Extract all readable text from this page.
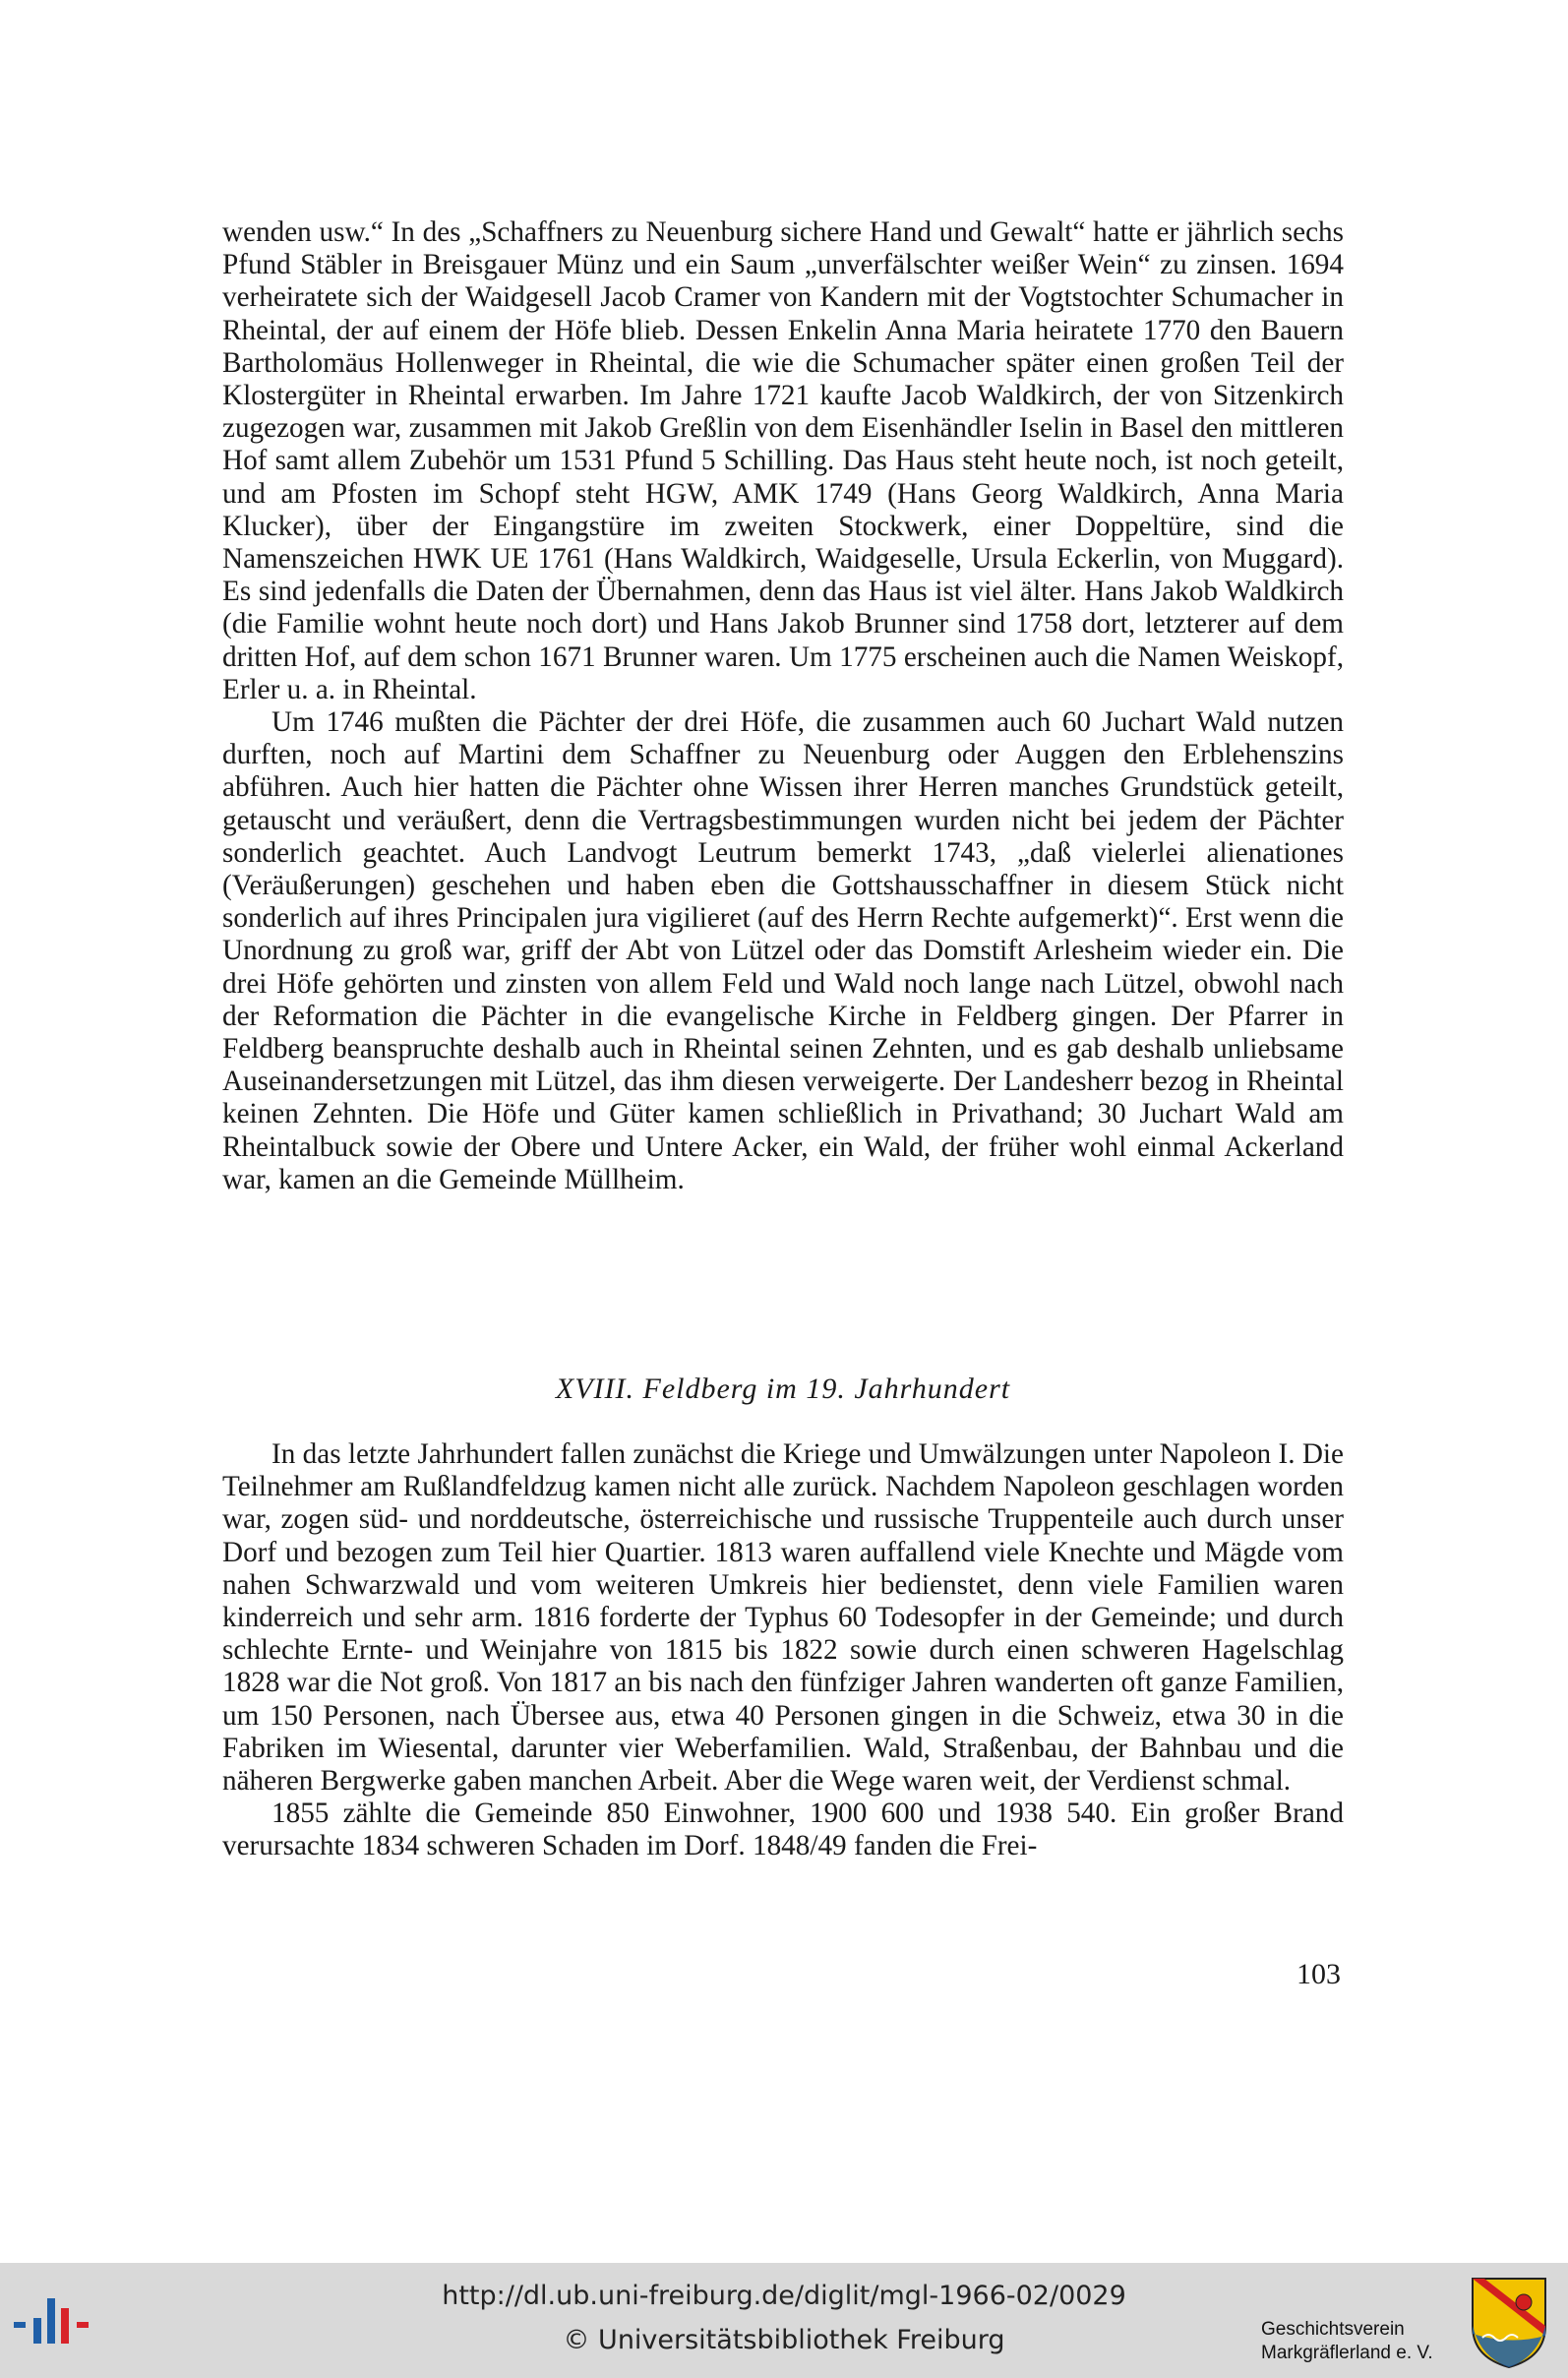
wenden usw.“ In des „Schaffners zu Neuenburg sichere Hand und Gewalt“ hatte er jährlich sechs Pfund Stäbler in Breisgauer Münz und ein Saum „unverfälschter weißer Wein“ zu zinsen. 1694 verheiratete sich der Waidgesell Jacob Cramer von Kandern mit der Vogtstochter Schumacher in Rheintal, der auf einem der Höfe blieb. Dessen Enkelin Anna Maria heiratete 1770 den Bauern Bartholomäus Hollenweger in Rheintal, die wie die Schumacher später einen großen Teil der Klostergüter in Rheintal erwarben. Im Jahre 1721 kaufte Jacob Waldkirch, der von Sitzenkirch zugezogen war, zusammen mit Jakob Greßlin von dem Eisenhändler Iselin in Basel den mittleren Hof samt allem Zubehör um 1531 Pfund 5 Schilling. Das Haus steht heute noch, ist noch geteilt, und am Pfosten im Schopf steht HGW, AMK 1749 (Hans Georg Waldkirch, Anna Maria Klucker), über der Eingangstüre im zweiten Stockwerk, einer Doppeltüre, sind die Namenszeichen HWK UE 1761 (Hans Waldkirch, Waidgeselle, Ursula Eckerlin, von Muggard). Es sind jedenfalls die Daten der Übernahmen, denn das Haus ist viel älter. Hans Jakob Waldkirch (die Familie wohnt heute noch dort) und Hans Jakob Brunner sind 1758 dort, letzterer auf dem dritten Hof, auf dem schon 1671 Brunner waren. Um 1775 erscheinen auch die Namen Weiskopf, Erler u. a. in Rheintal.

Um 1746 mußten die Pächter der drei Höfe, die zusammen auch 60 Juchart Wald nutzen durften, noch auf Martini dem Schaffner zu Neuenburg oder Auggen den Erblehenszins abführen. Auch hier hatten die Pächter ohne Wissen ihrer Herren manches Grundstück geteilt, getauscht und veräußert, denn die Vertragsbestimmungen wurden nicht bei jedem der Pächter sonderlich geachtet. Auch Landvogt Leutrum bemerkt 1743, „daß vielerlei alienationes (Veräußerungen) geschehen und haben eben die Gottshausschaffner in diesem Stück nicht sonderlich auf ihres Principalen jura vigilieret (auf des Herrn Rechte aufgemerkt)“. Erst wenn die Unordnung zu groß war, griff der Abt von Lützel oder das Domstift Arlesheim wieder ein. Die drei Höfe gehörten und zinsten von allem Feld und Wald noch lange nach Lützel, obwohl nach der Reformation die Pächter in die evangelische Kirche in Feldberg gingen. Der Pfarrer in Feldberg beanspruchte deshalb auch in Rheintal seinen Zehnten, und es gab deshalb unliebsame Auseinandersetzungen mit Lützel, das ihm diesen verweigerte. Der Landesherr bezog in Rheintal keinen Zehnten. Die Höfe und Güter kamen schließlich in Privathand; 30 Juchart Wald am Rheintalbuck sowie der Obere und Untere Acker, ein Wald, der früher wohl einmal Ackerland war, kamen an die Gemeinde Müllheim.

XVIII. Feldberg im 19. Jahrhundert

In das letzte Jahrhundert fallen zunächst die Kriege und Umwälzungen unter Napoleon I. Die Teilnehmer am Rußlandfeldzug kamen nicht alle zurück. Nachdem Napoleon geschlagen worden war, zogen süd- und norddeutsche, österreichische und russische Truppenteile auch durch unser Dorf und bezogen zum Teil hier Quartier. 1813 waren auffallend viele Knechte und Mägde vom nahen Schwarzwald und vom weiteren Umkreis hier bedienstet, denn viele Familien waren kinderreich und sehr arm. 1816 forderte der Typhus 60 Todesopfer in der Gemeinde; und durch schlechte Ernte- und Weinjahre von 1815 bis 1822 sowie durch einen schweren Hagelschlag 1828 war die Not groß. Von 1817 an bis nach den fünfziger Jahren wanderten oft ganze Familien, um 150 Personen, nach Übersee aus, etwa 40 Personen gingen in die Schweiz, etwa 30 in die Fabriken im Wiesental, darunter vier Weberfamilien. Wald, Straßenbau, der Bahnbau und die näheren Bergwerke gaben manchen Arbeit. Aber die Wege waren weit, der Verdienst schmal.

1855 zählte die Gemeinde 850 Einwohner, 1900 600 und 1938 540. Ein großer Brand verursachte 1834 schweren Schaden im Dorf. 1848/49 fanden die Frei-

103
http://dl.ub.uni-freiburg.de/diglit/mgl-1966-02/0029
© Universitätsbibliothek Freiburg	Geschichtsverein
Markgräflerland e. V.
